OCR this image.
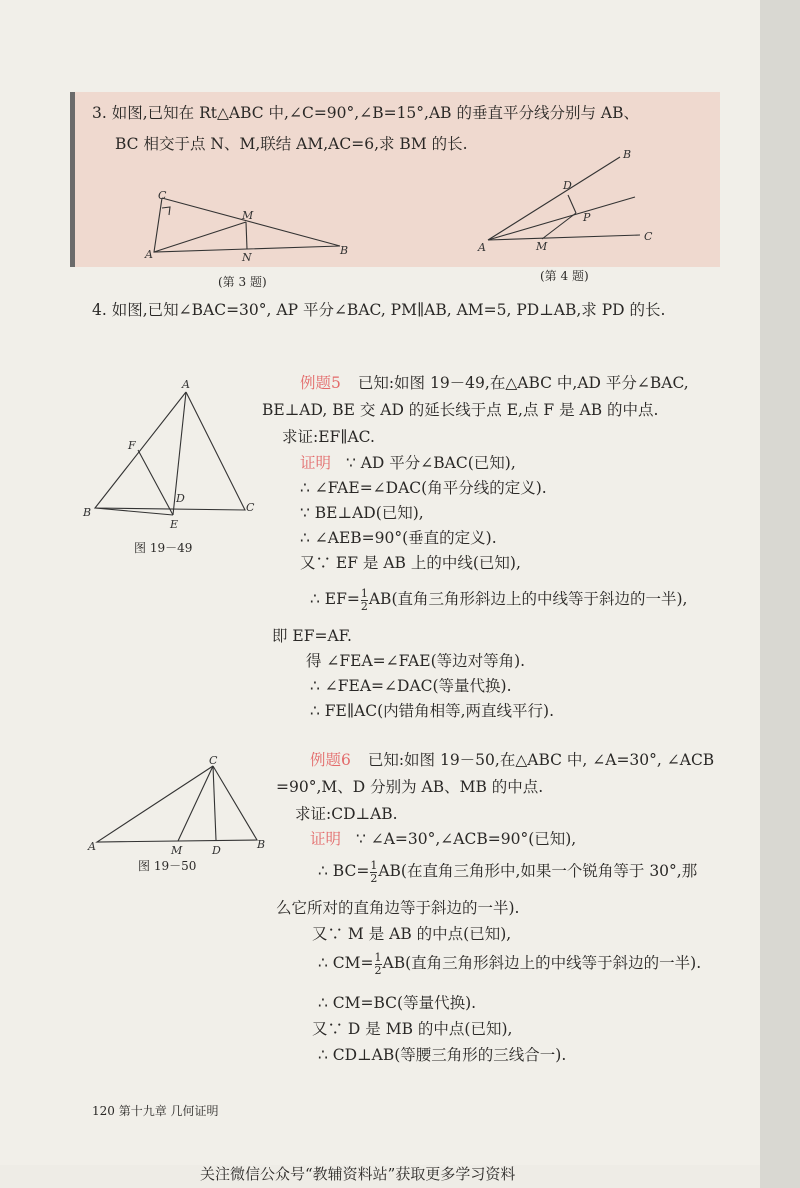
3. 如图,已知在 Rt△ABC 中,∠C=90°,∠B=15°,AB 的垂直平分线分别与 AB、
BC 相交于点 N、M,联结 AM,AC=6,求 BM 的长.
C
M
A	N
B
(第 3 题)
B
D
P
A	M
C
(第 4 题)
4. 如图,已知∠BAC=30°, AP 平分∠BAC, PM∥AB, AM=5, PD⊥AB,求 PD 的长.
A
F
D
B
E
C
图 19－49
例题5 已知:如图 19－49,在△ABC 中,AD 平分∠BAC,
BE⊥AD, BE 交 AD 的延长线于点 E,点 F 是 AB 的中点.
求证:EF∥AC.
证明 ∵ AD 平分∠BAC(已知),
∴ ∠FAE=∠DAC(角平分线的定义).
∵ BE⊥AD(已知),
∴ ∠AEB=90°(垂直的定义).
又∵ EF 是 AB 上的中线(已知),
∴ $EF= \frac{1}{2} AB$(直角三角形斜边上的中线等于斜边的一半),
即 EF=AF.
得 ∠FEA=∠FAE(等边对等角).
∴ ∠FEA=∠DAC(等量代换).
∴ FE∥AC(内错角相等,两直线平行).
C
A	M	D	B
图 19－50
例题6 已知:如图 19－50,在△ABC 中, ∠A=30°, ∠ACB
=90°,M、D 分别为 AB、MB 的中点.
求证:CD⊥AB.
证明 ∵ ∠A=30°,∠ACB=90°(已知),
∴ $BC= \frac{1}{2} AB$(在直角三角形中,如果一个锐角等于 30°,那
么它所对的直角边等于斜边的一半).
又∵ M 是 AB 的中点(已知),
∴ $CM= \frac{1}{2} AB$(直角三角形斜边上的中线等于斜边的一半).
∴ CM=BC(等量代换).
又∵ D 是 MB 的中点(已知),
∴ CD⊥AB(等腰三角形的三线合一).
120 第十九章 几何证明
关注微信公众号“教辅资料站”获取更多学习资料
